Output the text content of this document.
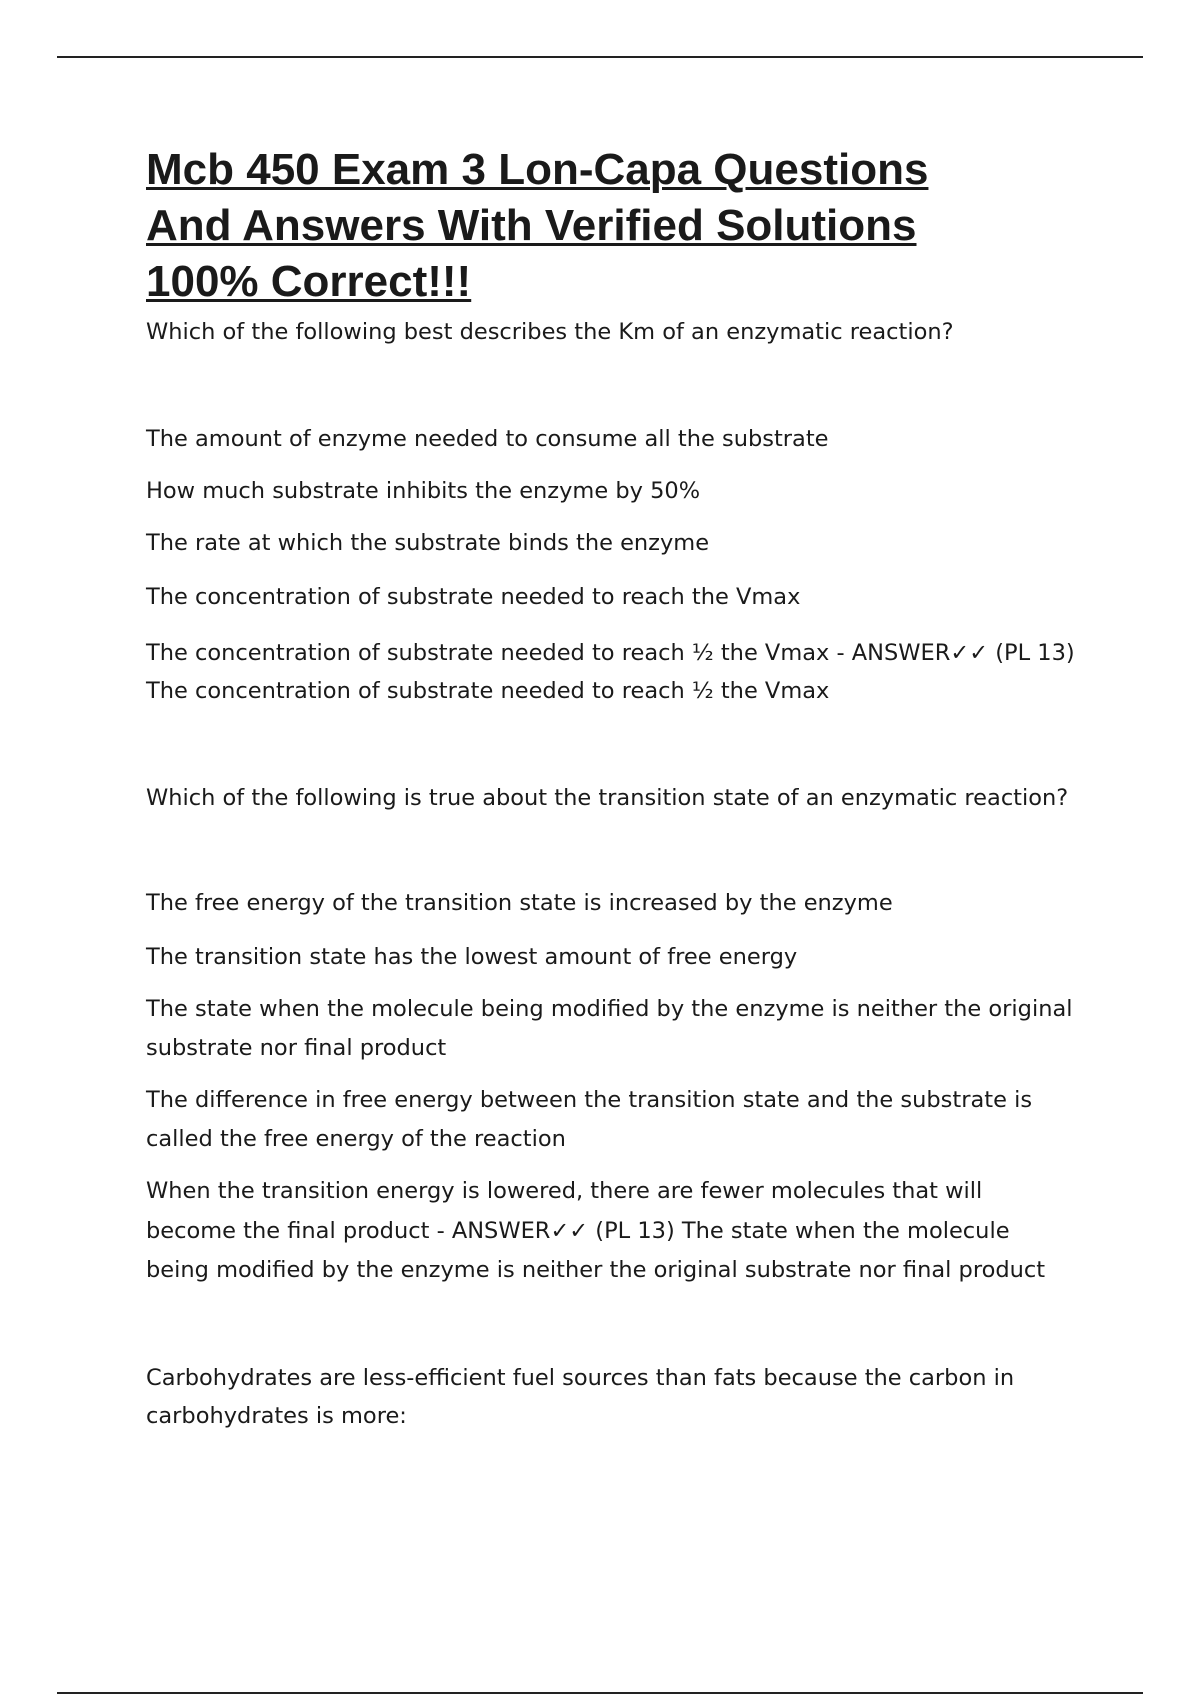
Mcb 450 Exam 3 Lon-Capa Questions
And Answers With Verified Solutions
100% Correct!!!
Which of the following best describes the Km of an enzymatic reaction?
The amount of enzyme needed to consume all the substrate
How much substrate inhibits the enzyme by 50%
The rate at which the substrate binds the enzyme
The concentration of substrate needed to reach the Vmax
The concentration of substrate needed to reach ½ the Vmax - ANSWER✓✓ (PL 13)
The concentration of substrate needed to reach ½ the Vmax
Which of the following is true about the transition state of an enzymatic reaction?
The free energy of the transition state is increased by the enzyme
The transition state has the lowest amount of free energy
The state when the molecule being modified by the enzyme is neither the original
substrate nor final product
The difference in free energy between the transition state and the substrate is
called the free energy of the reaction
When the transition energy is lowered, there are fewer molecules that will
become the final product - ANSWER✓✓ (PL 13) The state when the molecule
being modified by the enzyme is neither the original substrate nor final product
Carbohydrates are less-efficient fuel sources than fats because the carbon in
carbohydrates is more:
